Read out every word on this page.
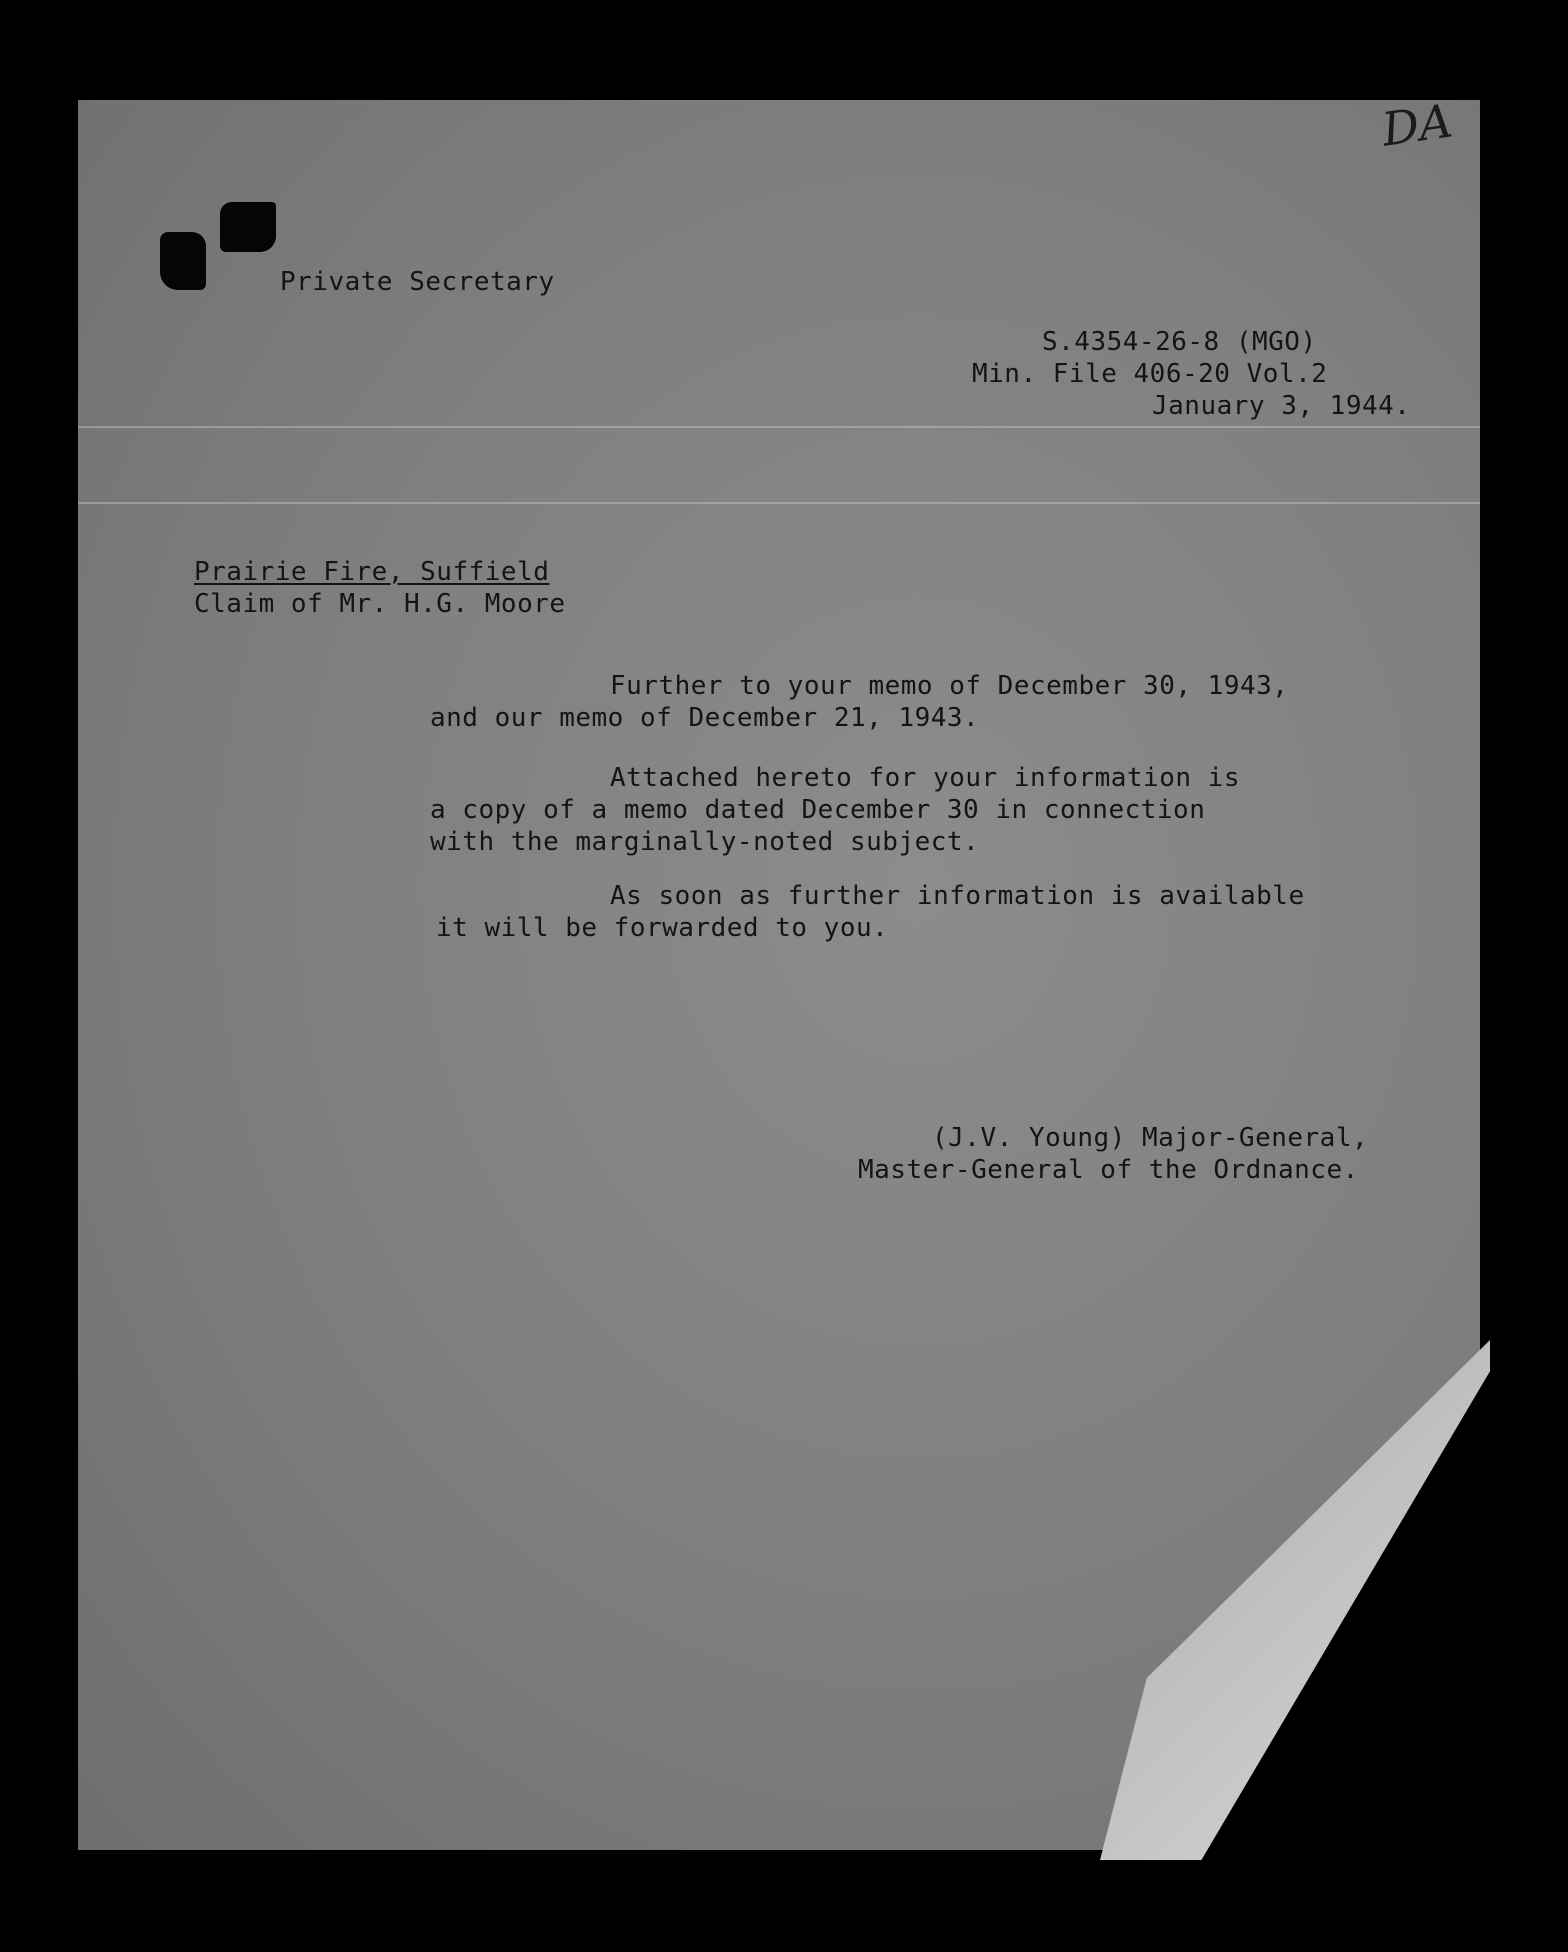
DA
Private Secretary
S.4354-26-8 (MGO)
Min. File 406-20 Vol.2
January 3, 1944.
Prairie Fire, Suffield
Claim of Mr. H.G. Moore
Further to your memo of December 30, 1943,
and our memo of December 21, 1943.
Attached hereto for your information is
a copy of a memo dated December 30 in connection
with the marginally-noted subject.
As soon as further information is available
it will be forwarded to you.
(J.V. Young) Major-General,
Master-General of the Ordnance.
